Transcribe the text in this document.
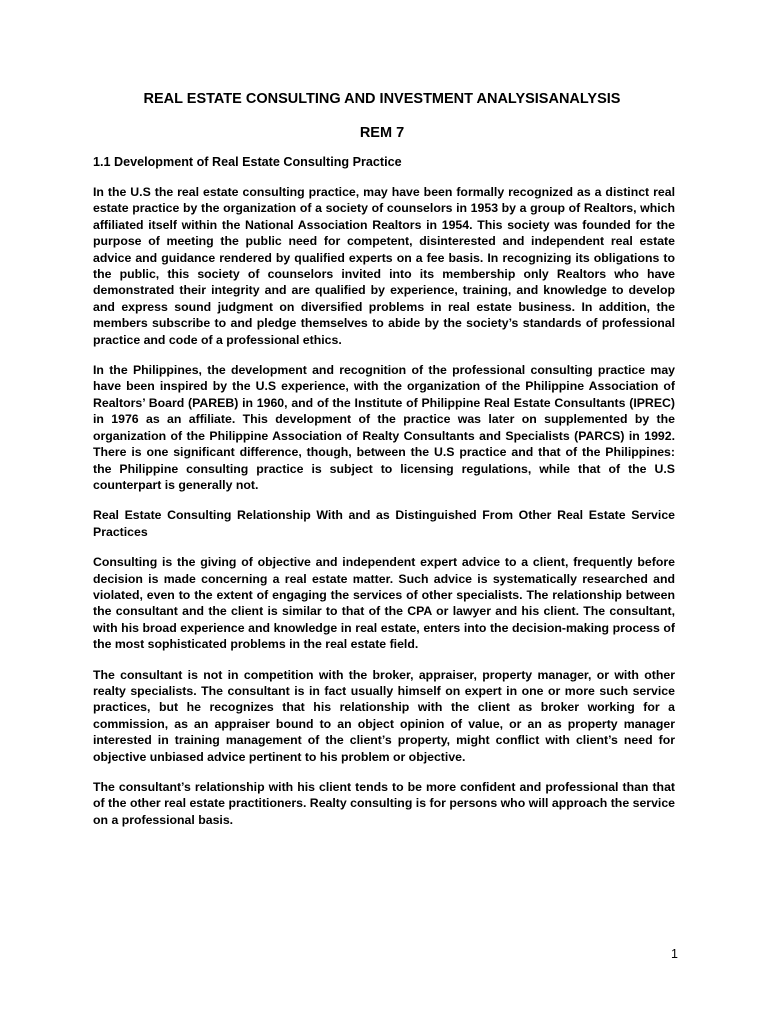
REAL ESTATE CONSULTING AND INVESTMENT ANALYSISANALYSIS
REM 7
1.1 Development of Real Estate Consulting Practice

In the U.S the real estate consulting practice, may have been formally recognized as a distinct real estate practice by the organization of a society of counselors in 1953 by a group of Realtors, which affiliated itself within the National Association Realtors in 1954. This society was founded for the purpose of meeting the public need for competent, disinterested and independent real estate advice and guidance rendered by qualified experts on a fee basis. In recognizing its obligations to the public, this society of counselors invited into its membership only Realtors who have demonstrated their integrity and are qualified by experience, training, and knowledge to develop and express sound judgment on diversified problems in real estate business. In addition, the members subscribe to and pledge themselves to abide by the society’s standards of professional practice and code of a professional ethics.

In the Philippines, the development and recognition of the professional consulting practice may have been inspired by the U.S experience, with the organization of the Philippine Association of Realtors’ Board (PAREB) in 1960, and of the Institute of Philippine Real Estate Consultants (IPREC) in 1976 as an affiliate. This development of the practice was later on supplemented by the organization of the Philippine Association of Realty Consultants and Specialists (PARCS) in 1992. There is one significant difference, though, between the U.S practice and that of the Philippines: the Philippine consulting practice is subject to licensing regulations, while that of the U.S counterpart is generally not.

Real Estate Consulting Relationship With and as Distinguished From Other Real Estate Service Practices

Consulting is the giving of objective and independent expert advice to a client, frequently before decision is made concerning a real estate matter. Such advice is systematically researched and violated, even to the extent of engaging the services of other specialists. The relationship between the consultant and the client is similar to that of the CPA or lawyer and his client. The consultant, with his broad experience and knowledge in real estate, enters into the decision-making process of the most sophisticated problems in the real estate field.

The consultant is not in competition with the broker, appraiser, property manager, or with other realty specialists. The consultant is in fact usually himself on expert in one or more such service practices, but he recognizes that his relationship with the client as broker working for a commission, as an appraiser bound to an object opinion of value, or an as property manager interested in training management of the client’s property, might conflict with client’s need for objective unbiased advice pertinent to his problem or objective.

The consultant’s relationship with his client tends to be more confident and professional than that of the other real estate practitioners. Realty consulting is for persons who will approach the service on a professional basis.

1
